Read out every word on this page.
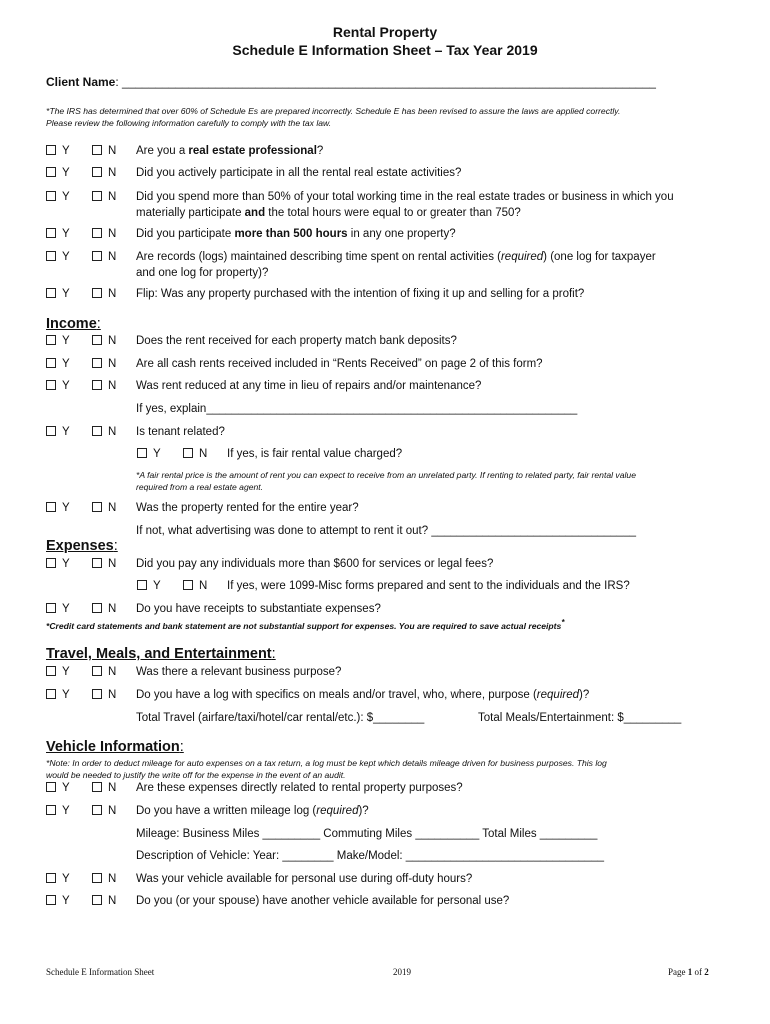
Rental Property
Schedule E Information Sheet – Tax Year 2019
Client Name: ________________________________________________________________________________
*The IRS has determined that over 60% of Schedule Es are prepared incorrectly. Schedule E has been revised to assure the laws are applied correctly.
Please review the following information carefully to comply with the tax law.
Y	N Are you a real estate professional?
Y	N Did you actively participate in all the rental real estate activities?
Y	N Did you spend more than 50% of your total working time in the real estate trades or business in which you
materially participate and the total hours were equal to or greater than 750?
Y	N Did you participate more than 500 hours in any one property?
Y	N Are records (logs) maintained describing time spent on rental activities (required) (one log for taxpayer
and one log for property)?
Y	N Flip: Was any property purchased with the intention of fixing it up and selling for a profit?
Income:
Y	N Does the rent received for each property match bank deposits?
Y	N Are all cash rents received included in “Rents Received” on page 2 of this form?
Y	N Was rent reduced at any time in lieu of repairs and/or maintenance?
If yes, explain__________________________________________________________
Y	N Is tenant related?
Y	N If yes, is fair rental value charged?
*A fair rental price is the amount of rent you can expect to receive from an unrelated party. If renting to related party, fair rental value
required from a real estate agent.
Y	N Was the property rented for the entire year?
If not, what advertising was done to attempt to rent it out? ________________________________
Expenses:
Y	N Did you pay any individuals more than $600 for services or legal fees?
Y	N If yes, were 1099-Misc forms prepared and sent to the individuals and the IRS?
Y	N Do you have receipts to substantiate expenses?
*Credit card statements and bank statement are not substantial support for expenses. You are required to save actual receipts*
Travel, Meals, and Entertainment:
Y	N Was there a relevant business purpose?
Y	N Do you have a log with specifics on meals and/or travel, who, where, purpose (required)?
Total Travel (airfare/taxi/hotel/car rental/etc.): $________	Total Meals/Entertainment: $_________
Vehicle Information:
*Note: In order to deduct mileage for auto expenses on a tax return, a log must be kept which details mileage driven for business purposes. This log
would be needed to justify the write off for the expense in the event of an audit.
Y	N Are these expenses directly related to rental property purposes?
Y	N Do you have a written mileage log (required)?
Mileage: Business Miles _________ Commuting Miles __________ Total Miles _________
Description of Vehicle: Year: ________ Make/Model: _______________________________
Y	N Was your vehicle available for personal use during off-duty hours?
Y	N Do you (or your spouse) have another vehicle available for personal use?
Schedule E Information Sheet	2019	Page 1 of 2
